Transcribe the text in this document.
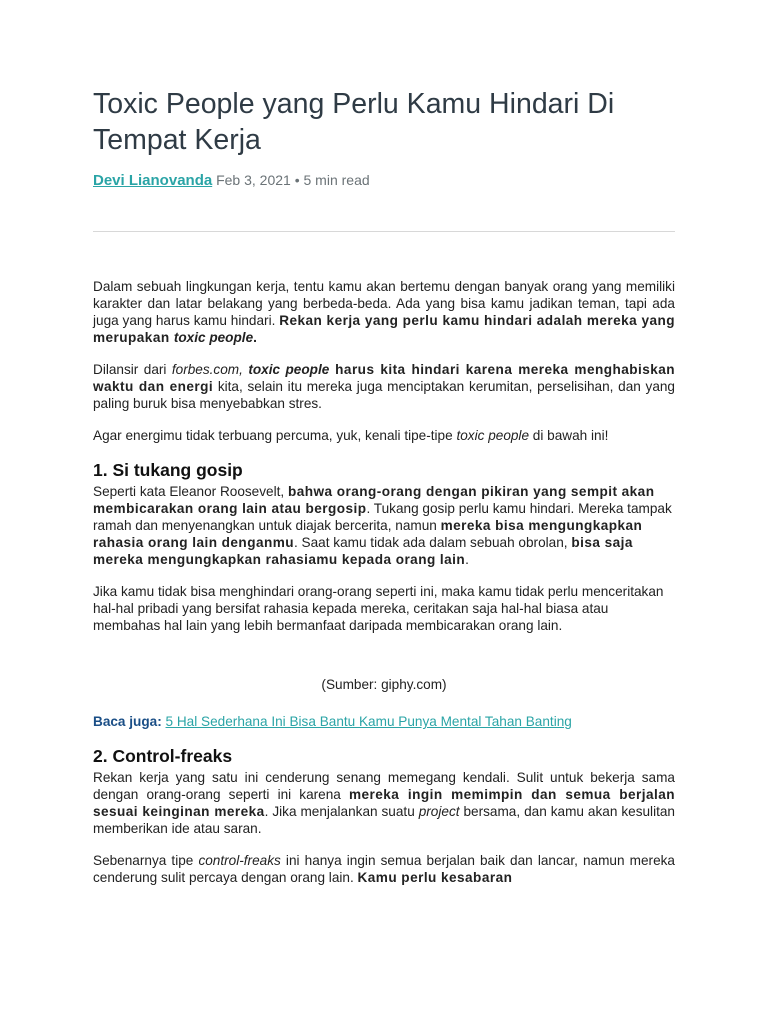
Toxic People yang Perlu Kamu Hindari Di Tempat Kerja
Devi Lianovanda Feb 3, 2021 • 5 min read

Dalam sebuah lingkungan kerja, tentu kamu akan bertemu dengan banyak orang yang memiliki karakter dan latar belakang yang berbeda-beda. Ada yang bisa kamu jadikan teman, tapi ada juga yang harus kamu hindari. Rekan kerja yang perlu kamu hindari adalah mereka yang merupakan toxic people.

Dilansir dari forbes.com, toxic people harus kita hindari karena mereka menghabiskan waktu dan energi kita, selain itu mereka juga menciptakan kerumitan, perselisihan, dan yang paling buruk bisa menyebabkan stres.

Agar energimu tidak terbuang percuma, yuk, kenali tipe-tipe toxic people di bawah ini!

1. Si tukang gosip

Seperti kata Eleanor Roosevelt, bahwa orang-orang dengan pikiran yang sempit akan membicarakan orang lain atau bergosip. Tukang gosip perlu kamu hindari. Mereka tampak ramah dan menyenangkan untuk diajak bercerita, namun mereka bisa mengungkapkan rahasia orang lain denganmu. Saat kamu tidak ada dalam sebuah obrolan, bisa saja mereka mengungkapkan rahasiamu kepada orang lain.

Jika kamu tidak bisa menghindari orang-orang seperti ini, maka kamu tidak perlu menceritakan hal-hal pribadi yang bersifat rahasia kepada mereka, ceritakan saja hal-hal biasa atau membahas hal lain yang lebih bermanfaat daripada membicarakan orang lain.

(Sumber: giphy.com)

Baca juga: 5 Hal Sederhana Ini Bisa Bantu Kamu Punya Mental Tahan Banting

2. Control-freaks

Rekan kerja yang satu ini cenderung senang memegang kendali. Sulit untuk bekerja sama dengan orang-orang seperti ini karena mereka ingin memimpin dan semua berjalan sesuai keinginan mereka. Jika menjalankan suatu project bersama, dan kamu akan kesulitan memberikan ide atau saran.

Sebenarnya tipe control-freaks ini hanya ingin semua berjalan baik dan lancar, namun mereka cenderung sulit percaya dengan orang lain. Kamu perlu kesabaran
